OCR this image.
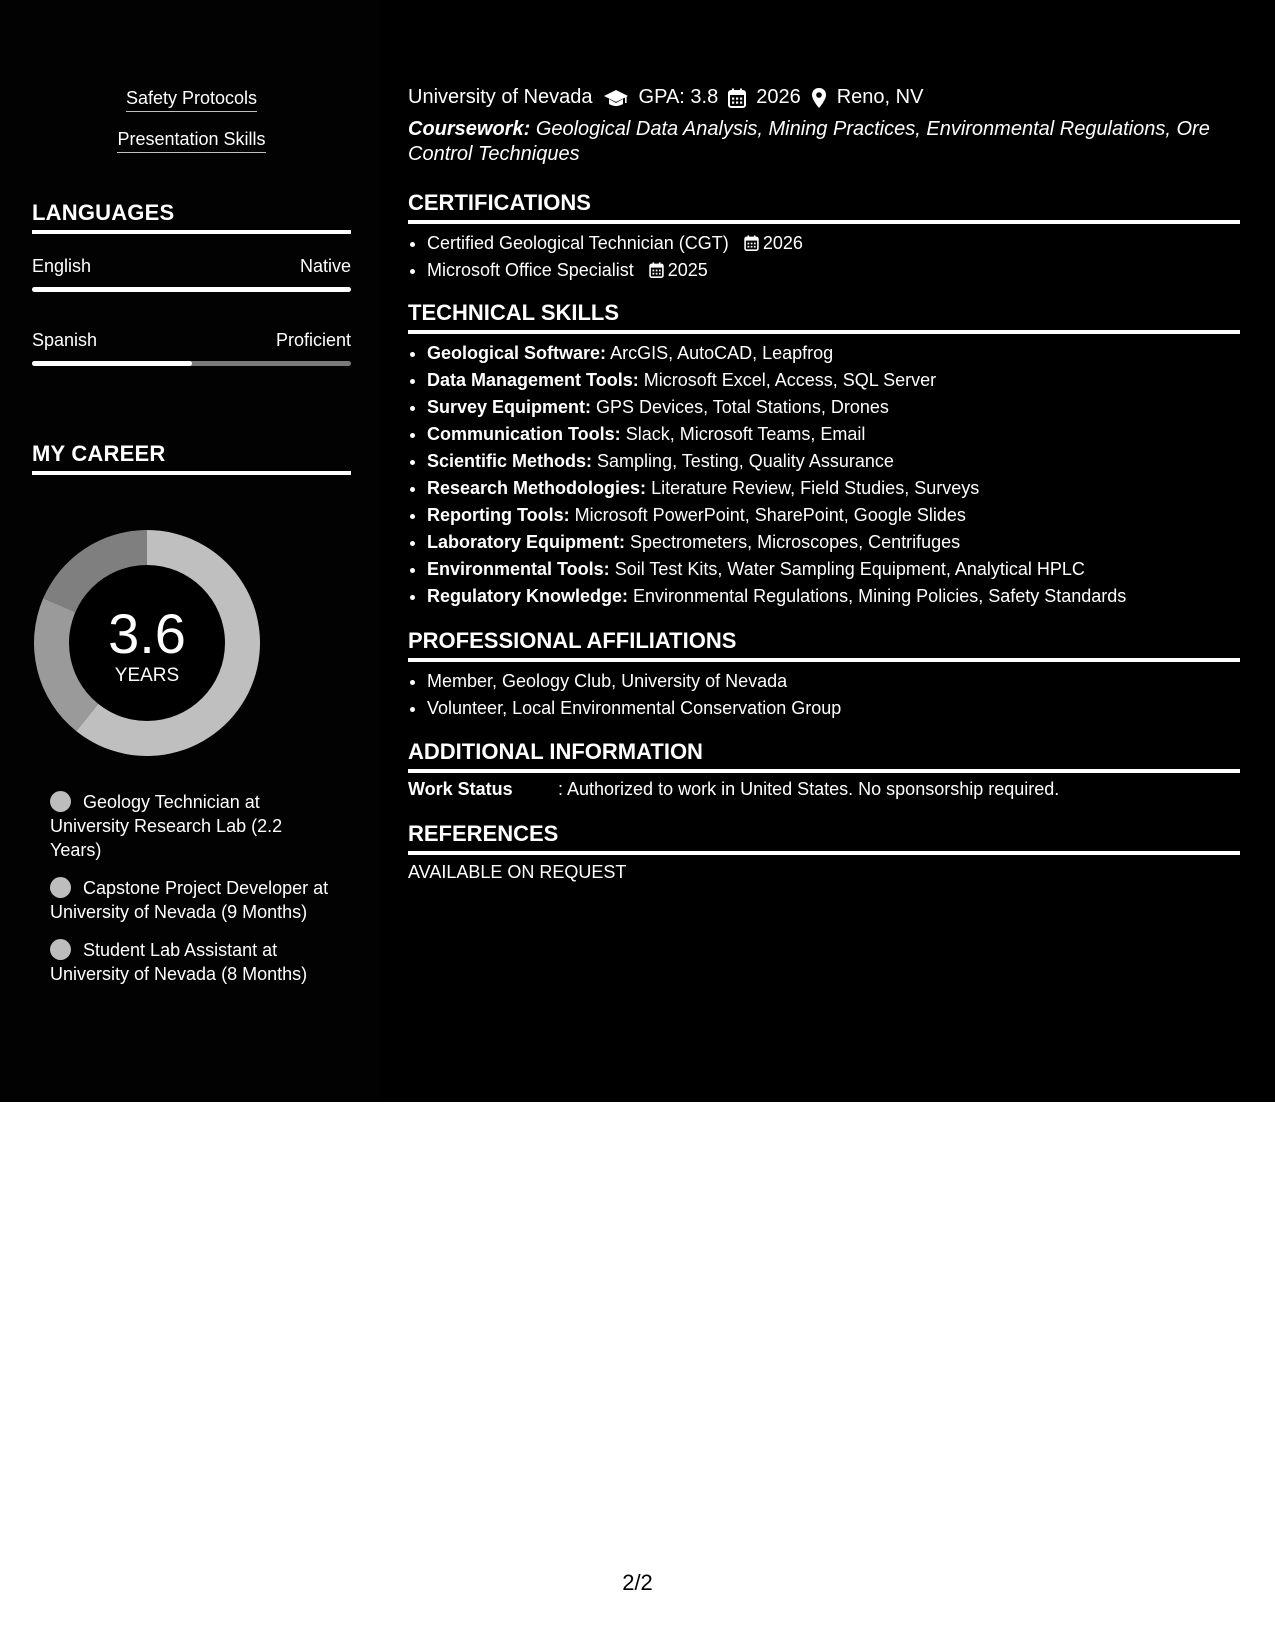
Safety Protocols
Presentation Skills
LANGUAGES
English	Native
Spanish	Proficient
MY CAREER
3.6
YEARS
Geology Technician at University Research Lab (2.2 Years)
Capstone Project Developer at University of Nevada (9 Months)
Student Lab Assistant at University of Nevada (8 Months)
University of Nevada GPA: 3.8 2026 Reno, NV
Coursework: Geological Data Analysis, Mining Practices, Environmental Regulations, Ore Control Techniques
CERTIFICATIONS
• Certified Geological Technician (CGT) 2026
• Microsoft Office Specialist 2025
TECHNICAL SKILLS
• Geological Software: ArcGIS, AutoCAD, Leapfrog
• Data Management Tools: Microsoft Excel, Access, SQL Server
• Survey Equipment: GPS Devices, Total Stations, Drones
• Communication Tools: Slack, Microsoft Teams, Email
• Scientific Methods: Sampling, Testing, Quality Assurance
• Research Methodologies: Literature Review, Field Studies, Surveys
• Reporting Tools: Microsoft PowerPoint, SharePoint, Google Slides
• Laboratory Equipment: Spectrometers, Microscopes, Centrifuges
• Environmental Tools: Soil Test Kits, Water Sampling Equipment, Analytical HPLC
• Regulatory Knowledge: Environmental Regulations, Mining Policies, Safety Standards
PROFESSIONAL AFFILIATIONS
• Member, Geology Club, University of Nevada
• Volunteer, Local Environmental Conservation Group
ADDITIONAL INFORMATION
Work Status	: Authorized to work in United States. No sponsorship required.
REFERENCES
AVAILABLE ON REQUEST
2/2
